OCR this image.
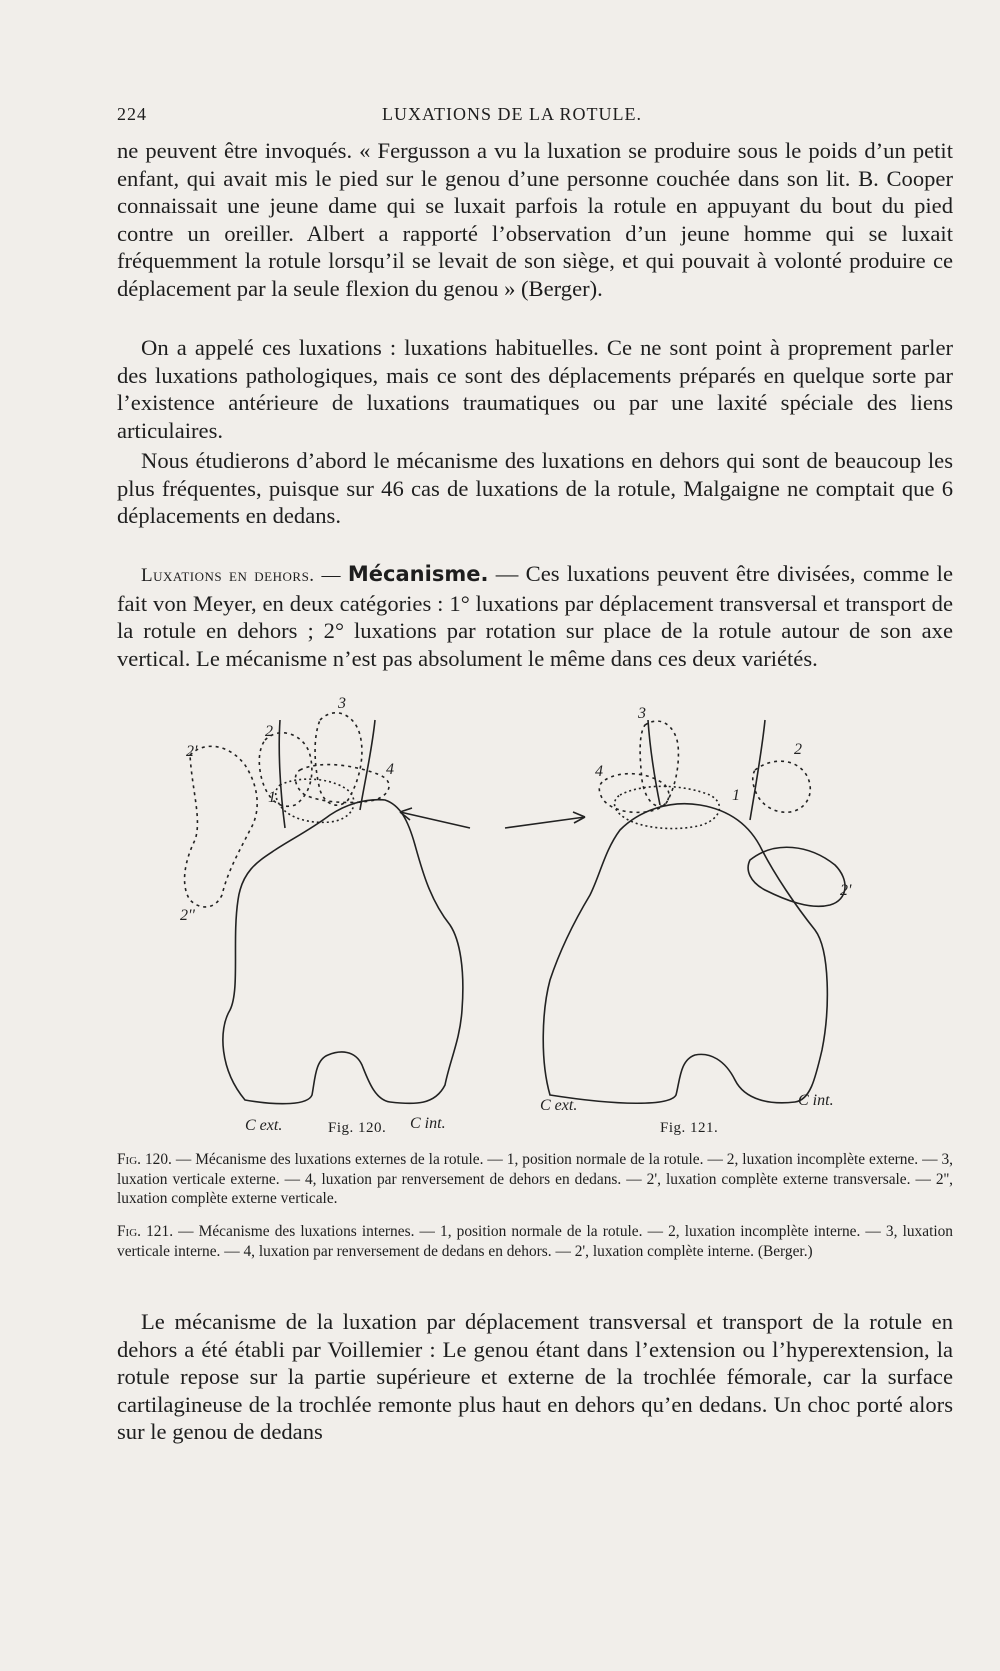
224	LUXATIONS DE LA ROTULE.

ne peuvent être invoqués. « Fergusson a vu la luxation se produire sous le poids d’un petit enfant, qui avait mis le pied sur le genou d’une personne couchée dans son lit. B. Cooper connaissait une jeune dame qui se luxait parfois la rotule en appuyant du bout du pied contre un oreiller. Albert a rapporté l’observation d’un jeune homme qui se luxait fréquemment la rotule lorsqu’il se levait de son siège, et qui pouvait à volonté produire ce déplacement par la seule flexion du genou » (Berger).

On a appelé ces luxations : luxations habituelles. Ce ne sont point à proprement parler des luxations pathologiques, mais ce sont des déplacements préparés en quelque sorte par l’existence antérieure de luxations traumatiques ou par une laxité spéciale des liens articulaires.

Nous étudierons d’abord le mécanisme des luxations en dehors qui sont de beaucoup les plus fréquentes, puisque sur 46 cas de luxations de la rotule, Malgaigne ne comptait que 6 déplacements en dedans.

Luxations en dehors. — Mécanisme. — Ces luxations peuvent être divisées, comme le fait von Meyer, en deux catégories : 1° luxations par déplacement transversal et transport de la rotule en dehors ; 2° luxations par rotation sur place de la rotule autour de son axe vertical. Le mécanisme n’est pas absolument le même dans ces deux variétés.

2'
2
3
4
1
2''
C ext.	C int.
3
2
4
1
2'
C ext.	C int.
Fig. 120.	Fig. 121.

Fig. 120. — Mécanisme des luxations externes de la rotule. — 1, position normale de la rotule. — 2, luxation incomplète externe. — 3, luxation verticale externe. — 4, luxation par renversement de dehors en dedans. — 2', luxation complète externe transversale. — 2'', luxation complète externe verticale.

Fig. 121. — Mécanisme des luxations internes. — 1, position normale de la rotule. — 2, luxation incomplète interne. — 3, luxation verticale interne. — 4, luxation par renversement de dedans en dehors. — 2', luxation complète interne. (Berger.)

Le mécanisme de la luxation par déplacement transversal et transport de la rotule en dehors a été établi par Voillemier : Le genou étant dans l’extension ou l’hyperextension, la rotule repose sur la partie supérieure et externe de la trochlée fémorale, car la surface cartilagineuse de la trochlée remonte plus haut en dehors qu’en dedans. Un choc porté alors sur le genou de dedans
